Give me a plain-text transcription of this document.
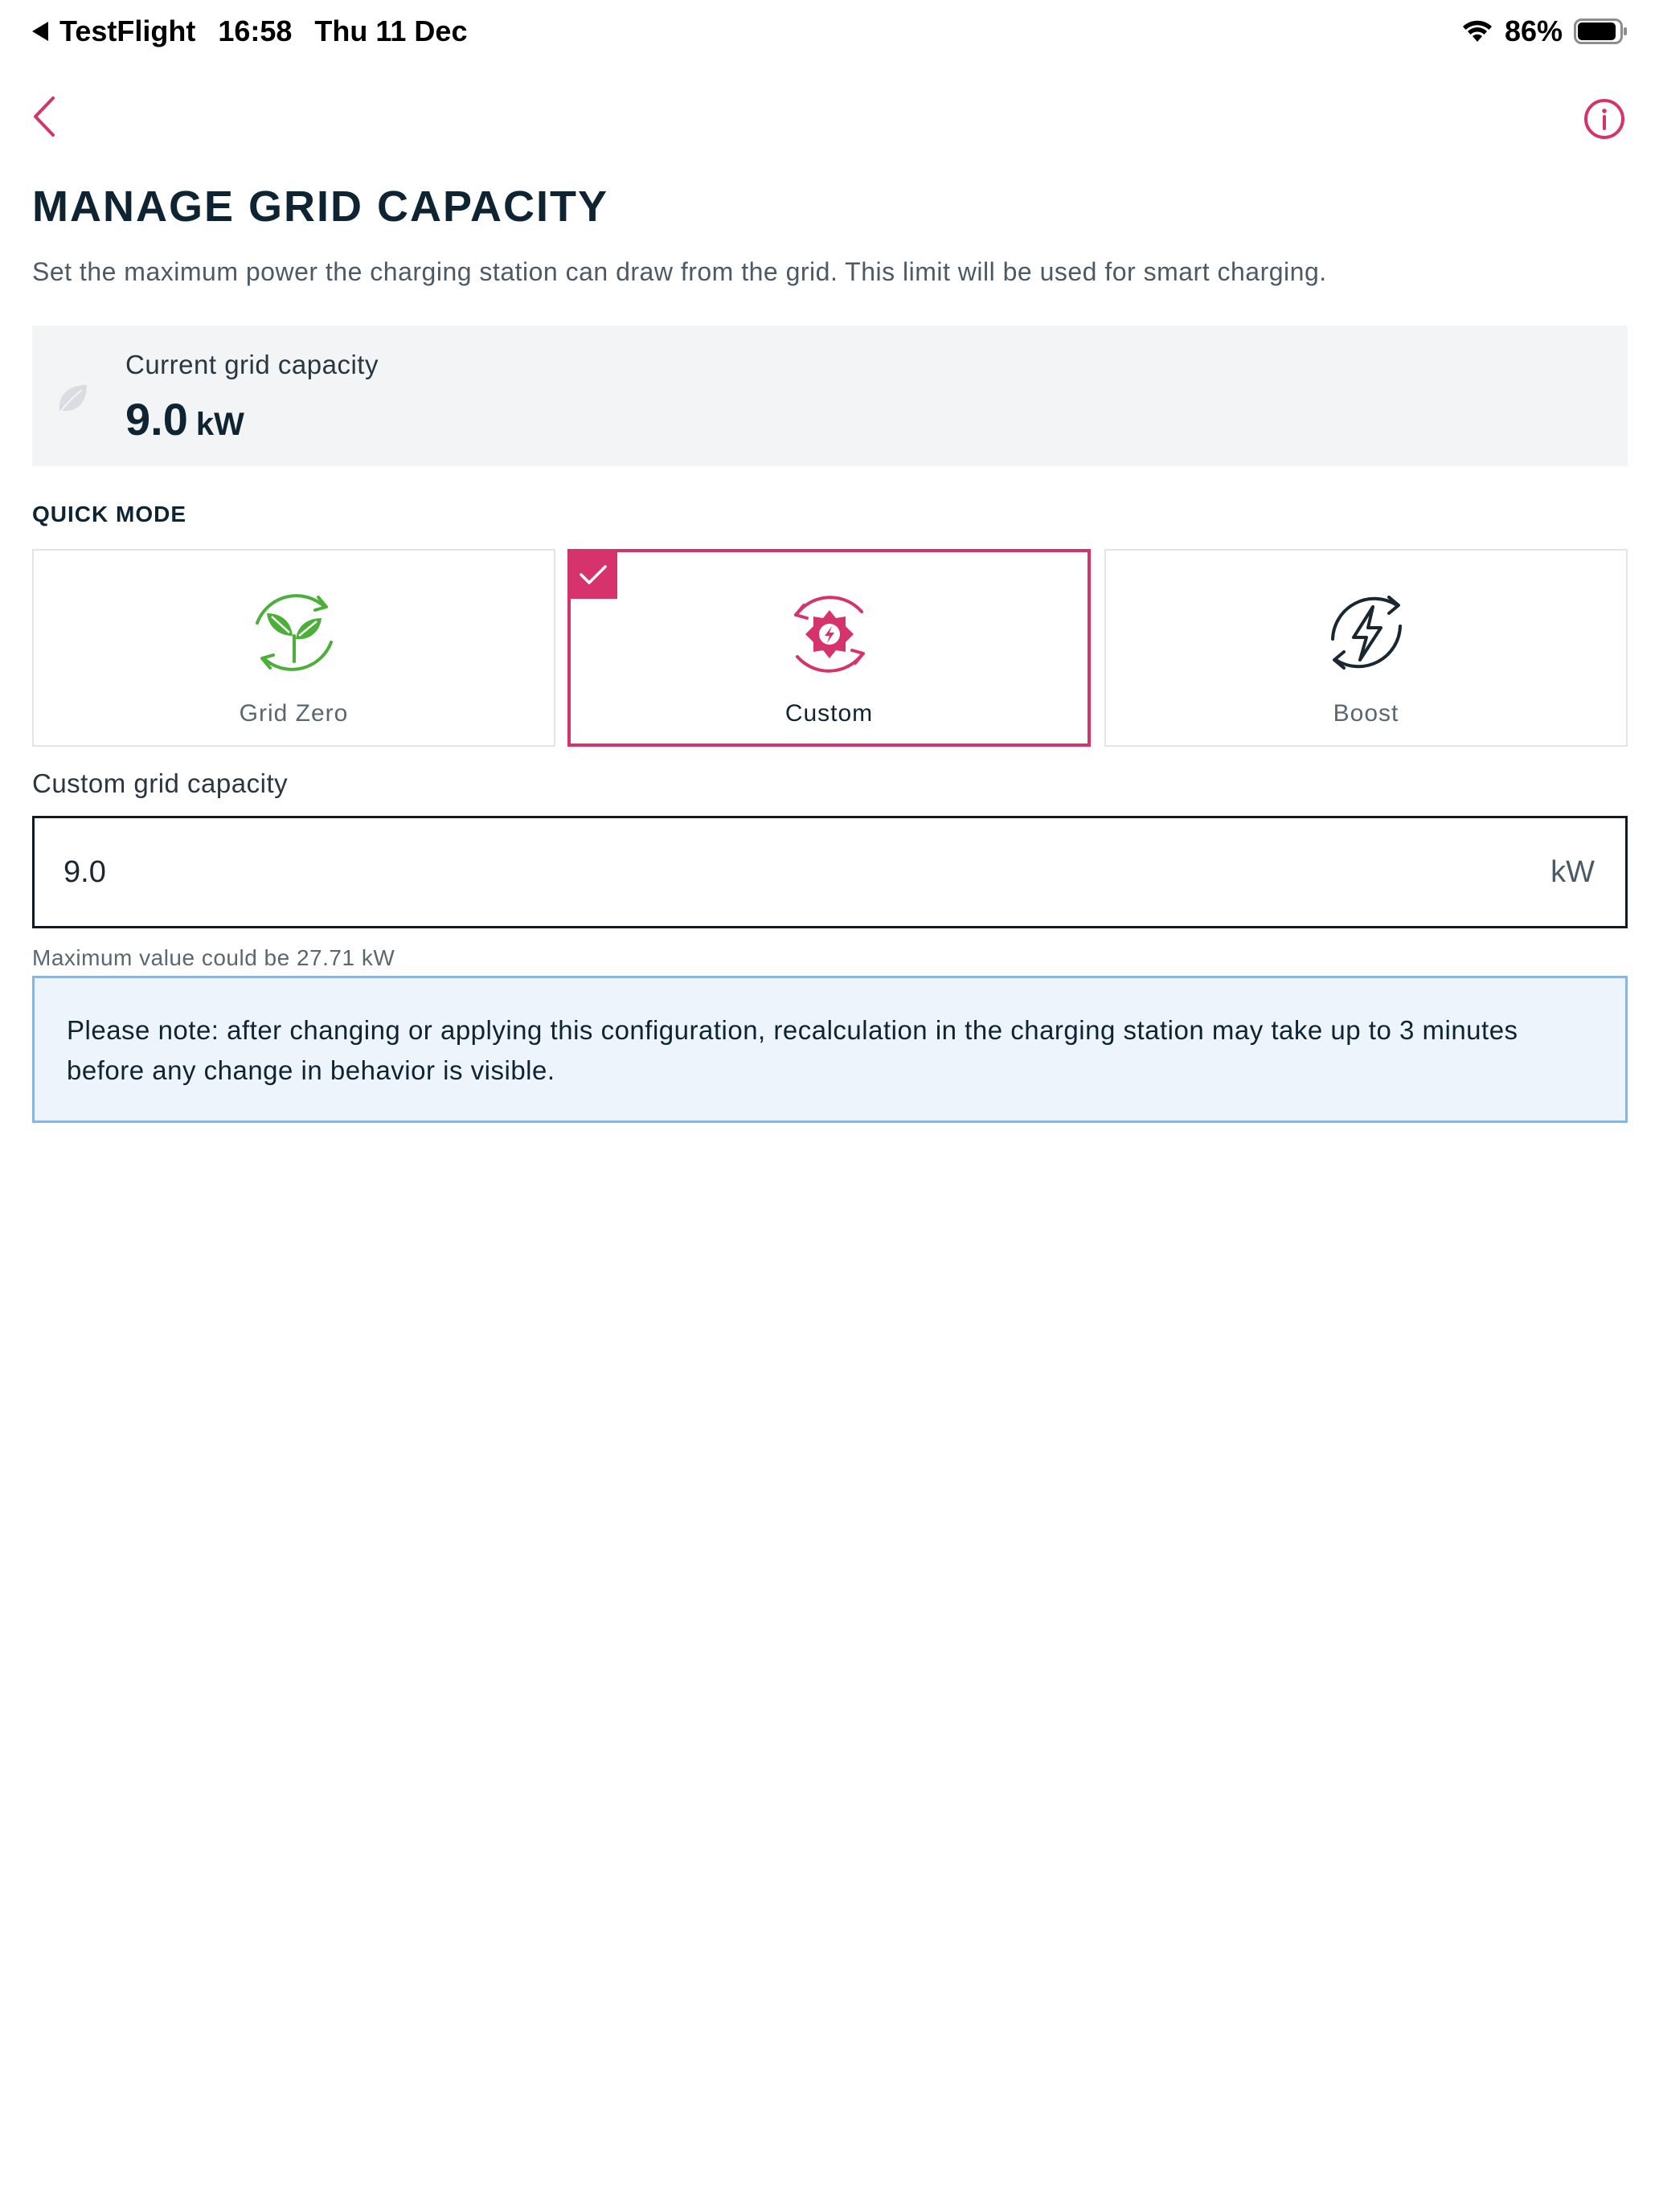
TestFlight 16:58 Thu 11 Dec	86%
MANAGE GRID CAPACITY

Set the maximum power the charging station can draw from the grid. This limit will be used for smart charging.

Current grid capacity
9.0 kW
QUICK MODE
Grid Zero	Custom	Boost
Custom grid capacity
9.0
kW
Maximum value could be 27.71 kW

Please note: after changing or applying this configuration, recalculation in the charging station may take up to 3 minutes before any change in behavior is visible.
